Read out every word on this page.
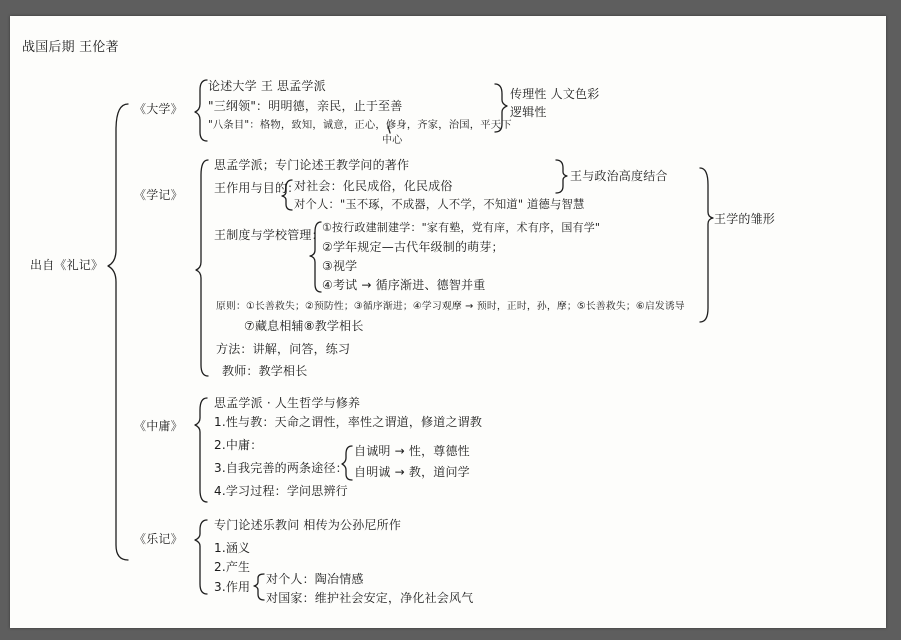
战国后期 王伦著
出自《礼记》
《大学》
论述大学 王 思孟学派
"三纲领"：明明德，亲民，止于至善
"八条目"：格物，致知，诚意，正心，修身，齐家，治国，平天下
中心
传理性 人文色彩
逻辑性
《学记》
思孟学派；专门论述王教学问的著作
王作用与目的：
对社会：化民成俗，化民成俗
对个人："玉不琢，不成器，人不学，不知道" 道德与智慧
王与政治高度结合
王制度与学校管理：
①按行政建制建学："家有塾，党有庠，术有序，国有学"
②学年规定—古代年级制的萌芽；
③视学
④考试 → 循序渐进、德智并重
原则：①长善救失；②预防性；③循序渐进；④学习观摩 → 预时，正时，孙，摩；⑤长善救失；⑥启发诱导
⑦藏息相辅⑧教学相长
方法：讲解，问答，练习
教师：教学相长
王学的雏形
《中庸》
思孟学派 · 人生哲学与修养
1.性与教：天命之谓性，率性之谓道，修道之谓教
2.中庸：
3.自我完善的两条途径：
4.学习过程：学问思辨行
自诚明 → 性，尊德性
自明诚 → 教，道问学
《乐记》
专门论述乐教问 相传为公孙尼所作
1.涵义
2.产生
3.作用
对个人：陶冶情感
对国家：维护社会安定，净化社会风气
